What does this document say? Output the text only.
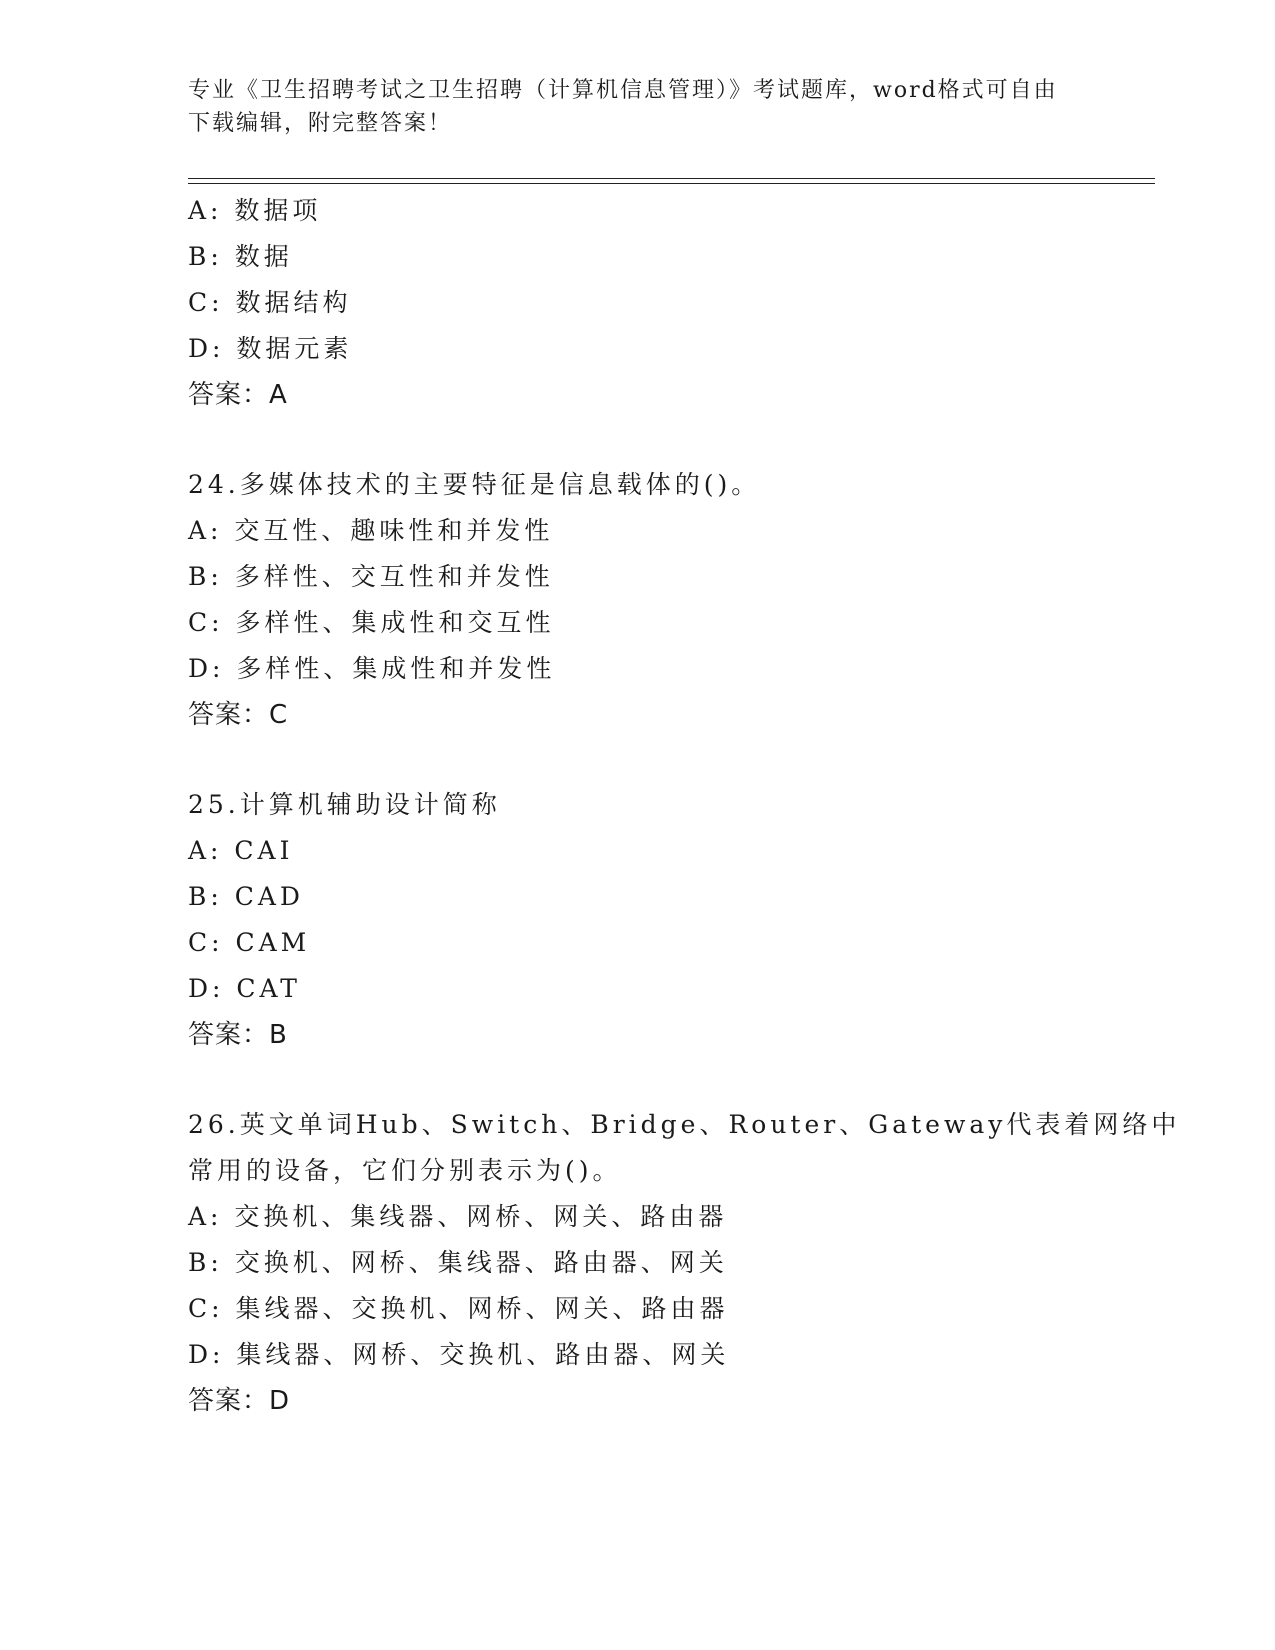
专业《卫生招聘考试之卫生招聘（计算机信息管理）》考试题库，word格式可自由下载编辑，附完整答案！
A: 数据项
B: 数据
C: 数据结构
D: 数据元素
答案：A
24.多媒体技术的主要特征是信息载体的()。
A: 交互性、趣味性和并发性
B: 多样性、交互性和并发性
C: 多样性、集成性和交互性
D: 多样性、集成性和并发性
答案：C
25.计算机辅助设计简称
A: CAI
B: CAD
C: CAM
D: CAT
答案：B
26.英文单词Hub、Switch、Bridge、Router、Gateway代表着网络中
常用的设备，它们分别表示为()。
A: 交换机、集线器、网桥、网关、路由器
B: 交换机、网桥、集线器、路由器、网关
C: 集线器、交换机、网桥、网关、路由器
D: 集线器、网桥、交换机、路由器、网关
答案：D
